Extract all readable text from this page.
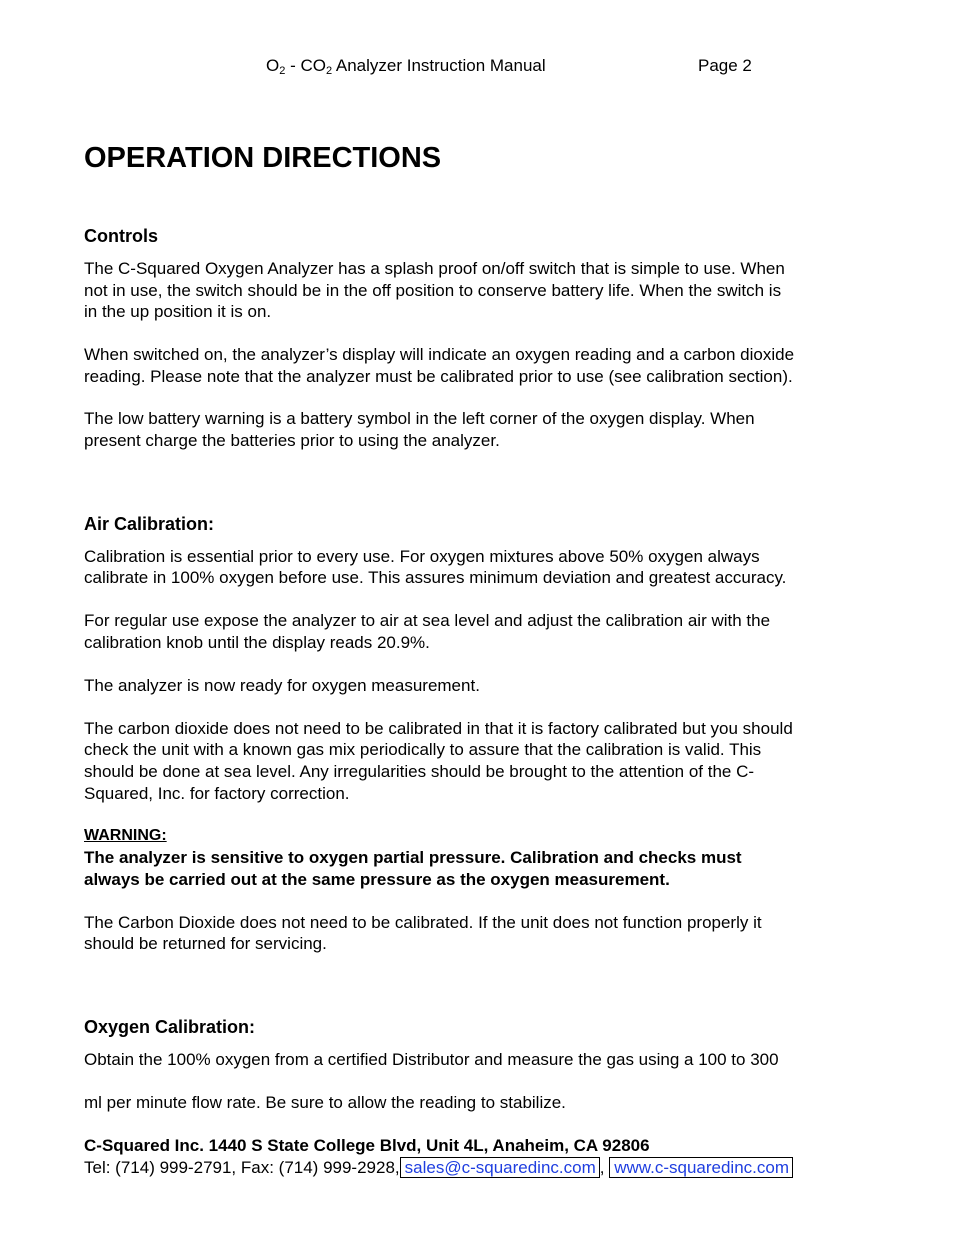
$O_2 - CO_2$ Analyzer Instruction Manual	Page 2
OPERATION DIRECTIONS
Controls
The C-Squared Oxygen Analyzer has a splash proof on/off switch that is simple to use. When
not in use, the switch should be in the off position to conserve battery life. When the switch is
in the up position it is on.
When switched on, the analyzer’s display will indicate an oxygen reading and a carbon dioxide
reading. Please note that the analyzer must be calibrated prior to use (see calibration section).
The low battery warning is a battery symbol in the left corner of the oxygen display. When
present charge the batteries prior to using the analyzer.
Air Calibration:
Calibration is essential prior to every use. For oxygen mixtures above 50% oxygen always
calibrate in 100% oxygen before use. This assures minimum deviation and greatest accuracy.
For regular use expose the analyzer to air at sea level and adjust the calibration air with the
calibration knob until the display reads 20.9%.
The analyzer is now ready for oxygen measurement.
The carbon dioxide does not need to be calibrated in that it is factory calibrated but you should
check the unit with a known gas mix periodically to assure that the calibration is valid. This
should be done at sea level. Any irregularities should be brought to the attention of the C-
Squared, Inc. for factory correction.
WARNING:
The analyzer is sensitive to oxygen partial pressure. Calibration and checks must
always be carried out at the same pressure as the oxygen measurement.
The Carbon Dioxide does not need to be calibrated. If the unit does not function properly it
should be returned for servicing.
Oxygen Calibration:
Obtain the 100% oxygen from a certified Distributor and measure the gas using a 100 to 300
ml per minute flow rate. Be sure to allow the reading to stabilize.
C-Squared Inc. 1440 S State College Blvd, Unit 4L, Anaheim, CA 92806
Tel: (714) 999-2791, Fax: (714) 999-2928, sales@c-squaredinc.com , www.c-squaredinc.com
